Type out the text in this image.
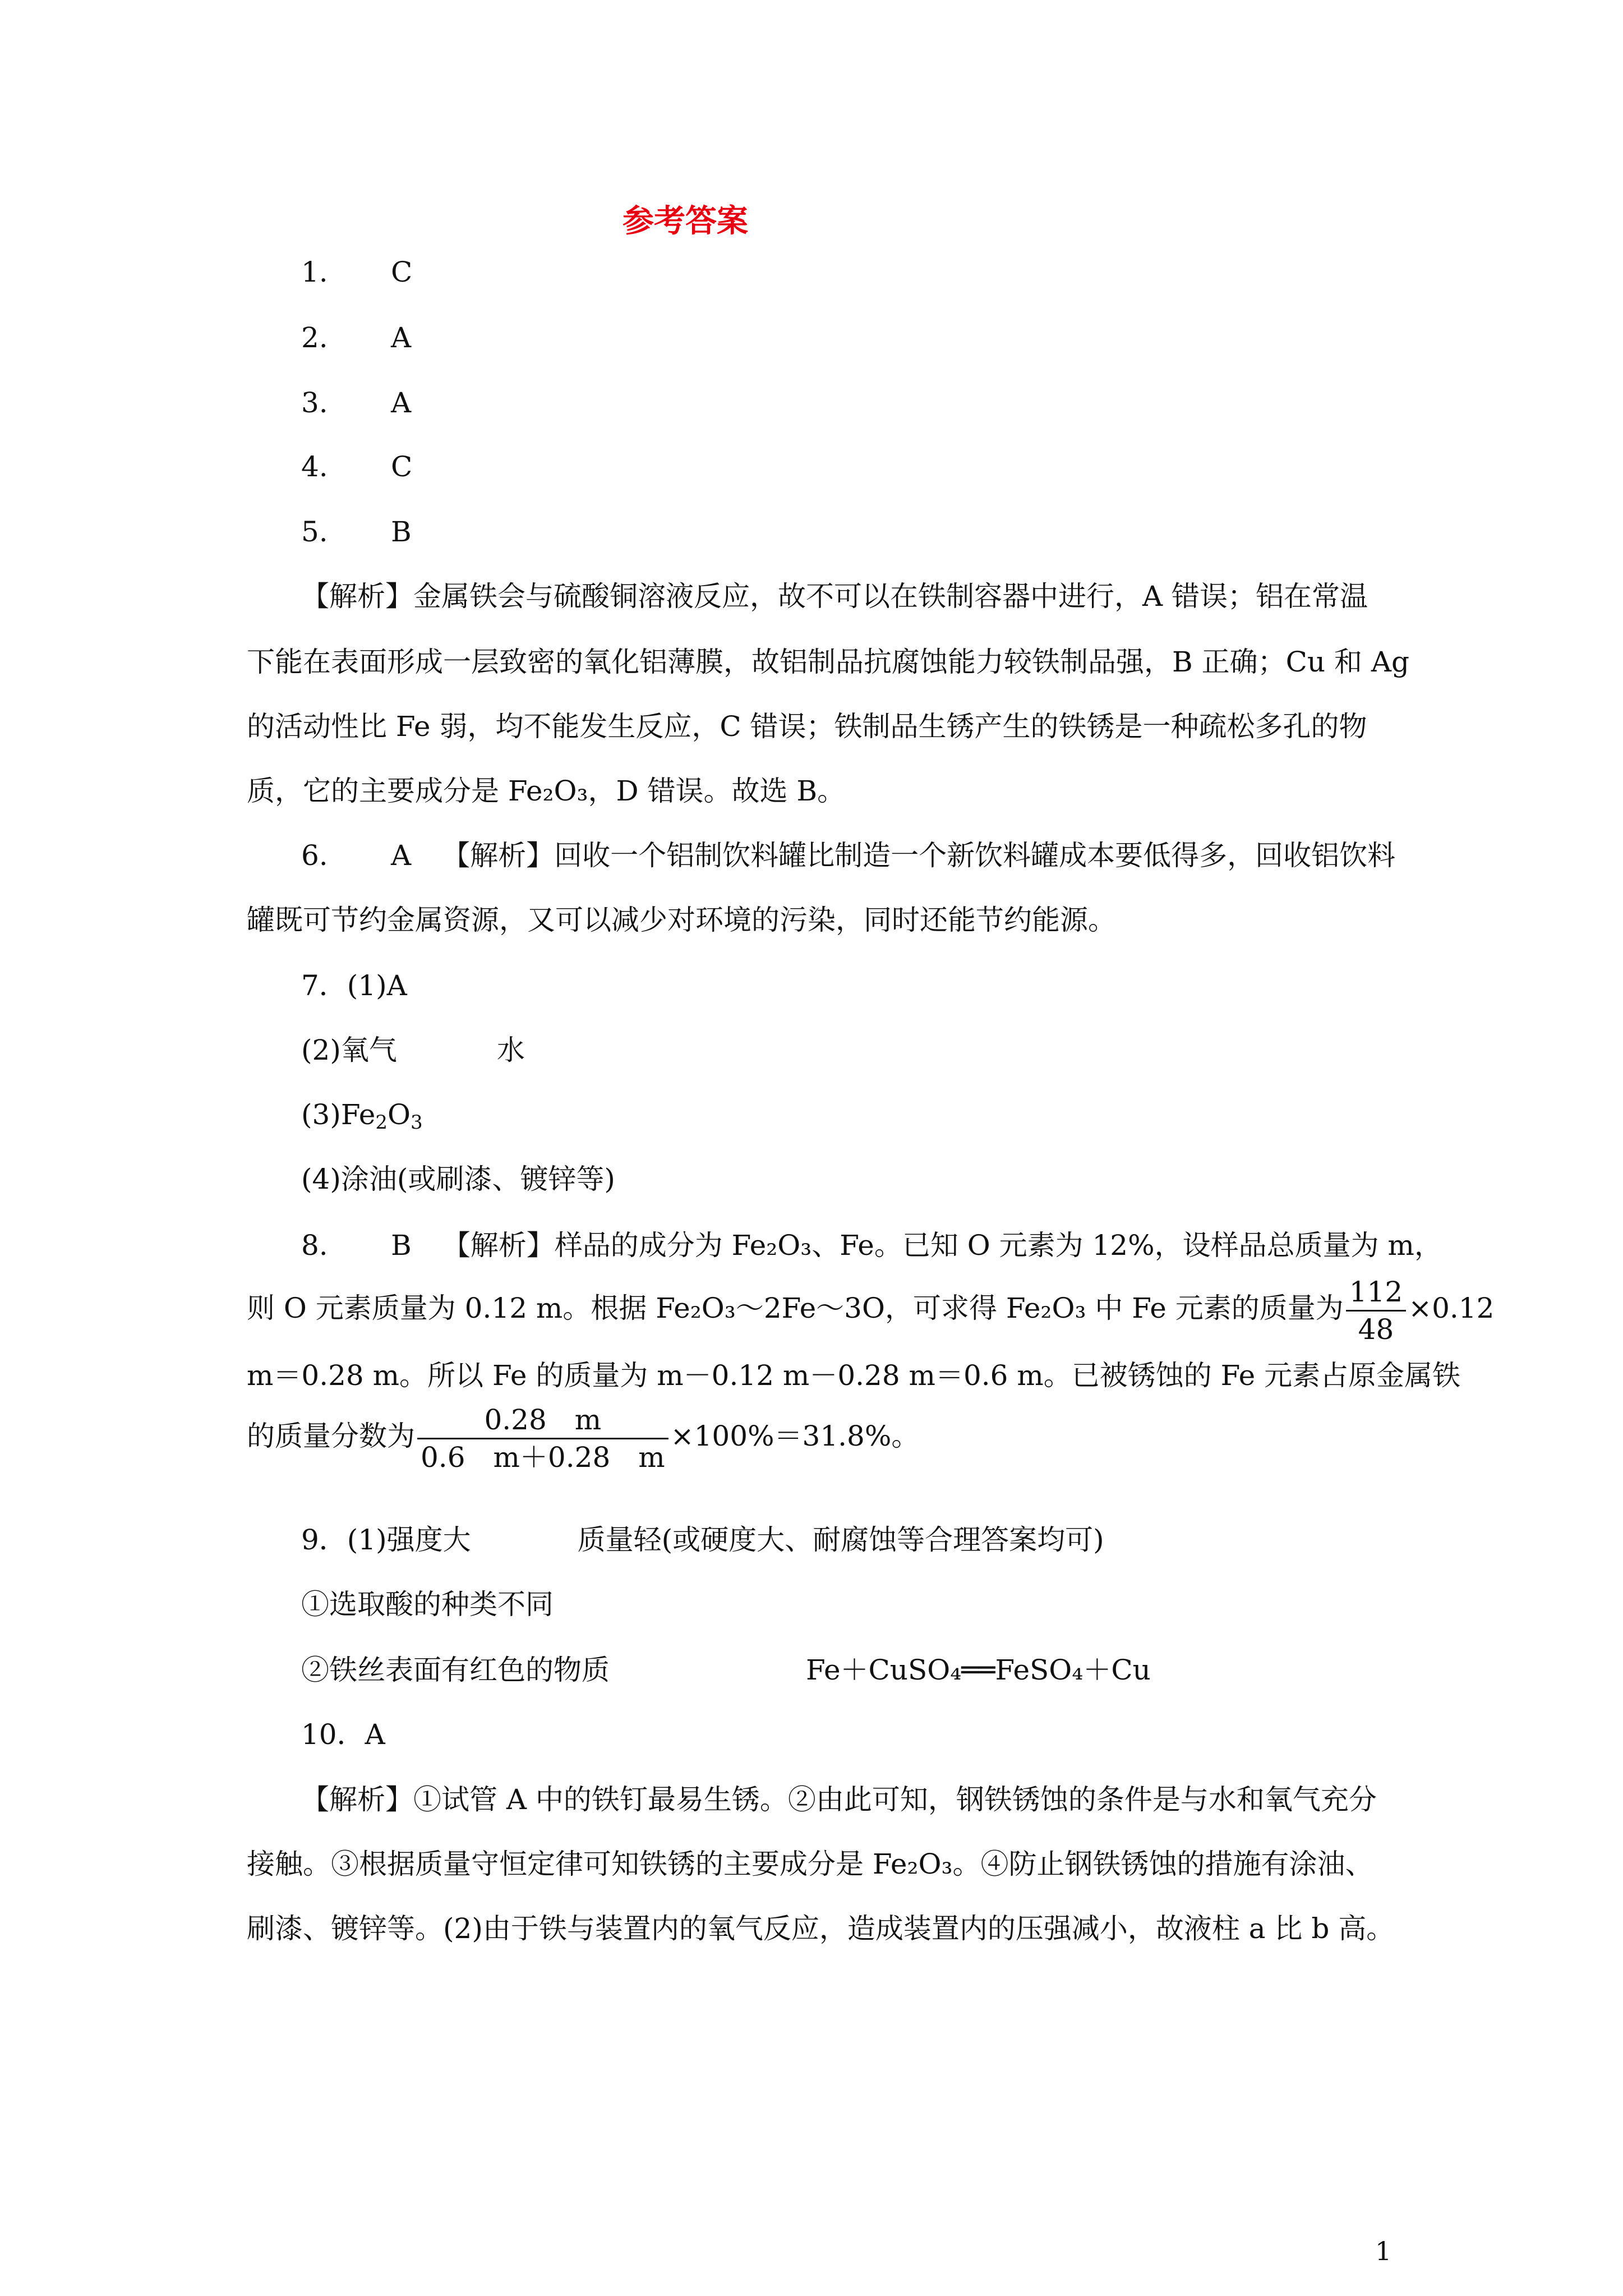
参考答案
1. C
2. A
3. A
4. C
5. B
【解析】金属铁会与硫酸铜溶液反应，故不可以在铁制容器中进行，A 错误；铝在常温
下能在表面形成一层致密的氧化铝薄膜，故铝制品抗腐蚀能力较铁制品强，B 正确；Cu 和 Ag
的活动性比 Fe 弱，均不能发生反应，C 错误；铁制品生锈产生的铁锈是一种疏松多孔的物
质，它的主要成分是 Fe₂O₃，D 错误。故选 B。
6. A 【解析】回收一个铝制饮料罐比制造一个新饮料罐成本要低得多，回收铝饮料
罐既可节约金属资源，又可以减少对环境的污染，同时还能节约能源。
7．(1)A
(2)氧气	水
$(3)Fe_2O_3$
(4)涂油(或刷漆、镀锌等)
8. B 【解析】样品的成分为 Fe₂O₃、Fe。已知 O 元素为 12%，设样品总质量为 m，
则 O 元素质量为 0.12 m。根据 Fe₂O₃～2Fe～3O，可求得 Fe₂O₃ 中 Fe 元素的质量为 $\frac{112}{48} \times 0.12$
m＝0.28 m。所以 Fe 的质量为 m－0.12 m－0.28 m＝0.6 m。已被锈蚀的 Fe 元素占原金属铁
的质量分数为 $\frac{0.28 m}{0.6 m+0.28 m} \times 100\%=31.8\%$。
9．(1)强度大	质量轻(或硬度大、耐腐蚀等合理答案均可)
①选取酸的种类不同
②铁丝表面有红色的物质	Fe＋CuSO₄══FeSO₄＋Cu
10．A
【解析】①试管 A 中的铁钉最易生锈。②由此可知，钢铁锈蚀的条件是与水和氧气充分
接触。③根据质量守恒定律可知铁锈的主要成分是 Fe₂O₃。④防止钢铁锈蚀的措施有涂油、
刷漆、镀锌等。(2)由于铁与装置内的氧气反应，造成装置内的压强减小，故液柱 a 比 b 高。
1
